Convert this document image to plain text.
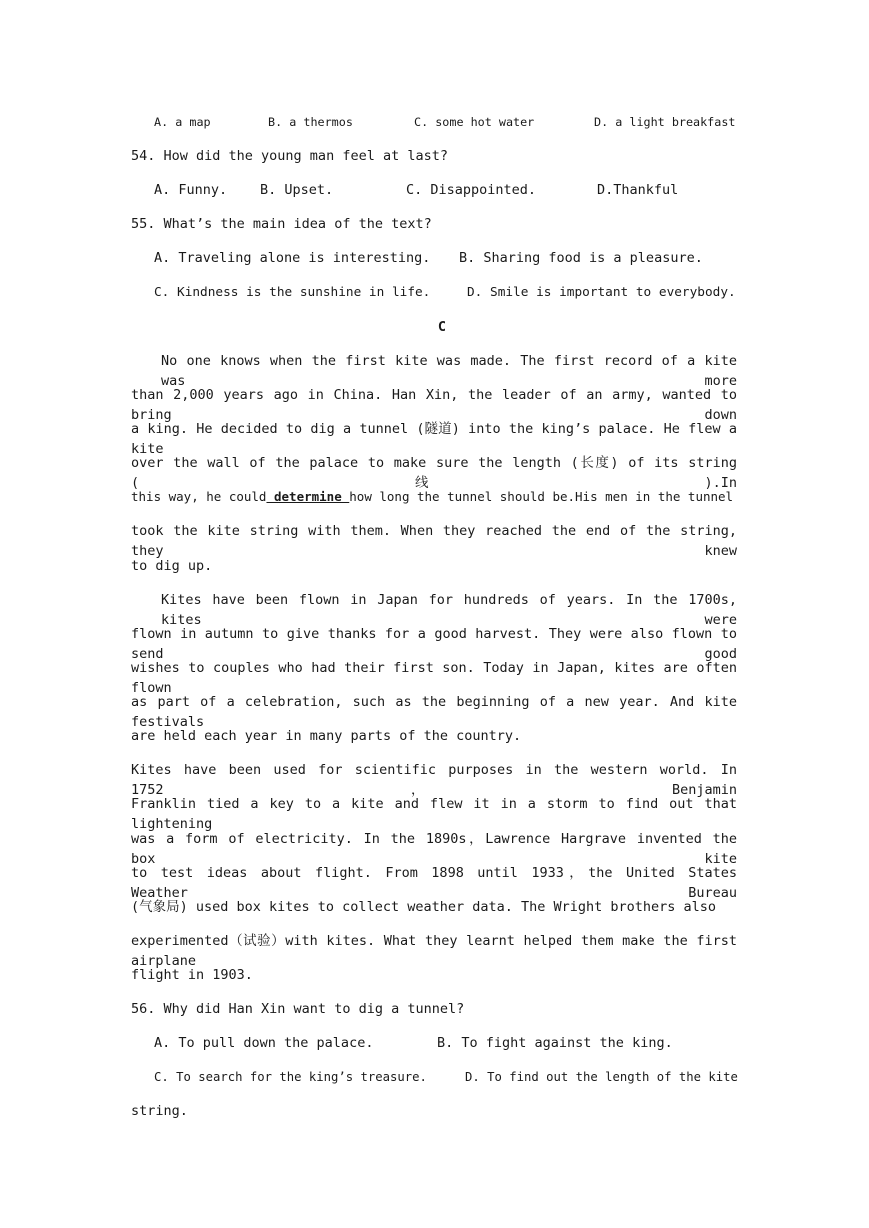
A. a map	B. a thermos	C. some hot water	D. a light breakfast
54. How did the young man feel at last?
A. Funny. B. Upset.	C. Disappointed.	D.Thankful
55. What’s the main idea of the text?
A. Traveling alone is interesting. B. Sharing food is a pleasure.
C. Kindness is the sunshine in life.	D. Smile is important to everybody.
C
No one knows when the first kite was made. The first record of a kite was more
than 2,000 years ago in China. Han Xin, the leader of an army, wanted to bring down
a king. He decided to dig a tunnel (隧道) into the king’s palace. He flew a kite
over the wall of the palace to make sure the length (长度) of its string (线).In
this way, he could determine how long the tunnel should be.His men in the tunnel
took the kite string with them. When they reached the end of the string, they knew
to dig up.
Kites have been flown in Japan for hundreds of years. In the 1700s, kites were
flown in autumn to give thanks for a good harvest. They were also flown to send good
wishes to couples who had their first son. Today in Japan, kites are often flown
as part of a celebration, such as the beginning of a new year. And kite festivals
are held each year in many parts of the country.
Kites have been used for scientific purposes in the western world. In 1752，Benjamin
Franklin tied a key to a kite and flew it in a storm to find out that lightening
was a form of electricity. In the 1890s，Lawrence Hargrave invented the box kite
to test ideas about flight. From 1898 until 1933，the United States Weather Bureau
(气象局) used box kites to collect weather data. The Wright brothers also
experimented（试验）with kites. What they learnt helped them make the first airplane
flight in 1903.
56. Why did Han Xin want to dig a tunnel?
A. To pull down the palace.	B. To fight against the king.
C. To search for the king’s treasure.	D. To find out the length of the kite
string.
